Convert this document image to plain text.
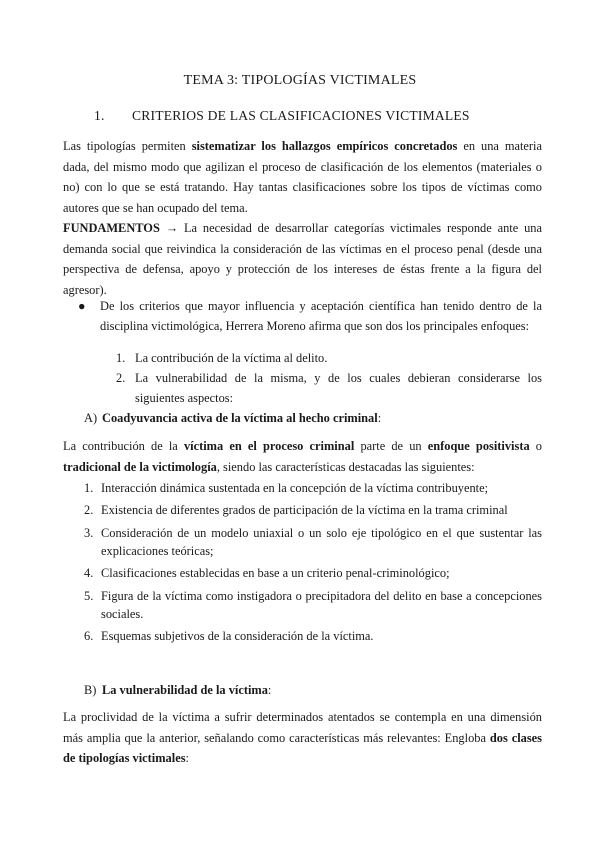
TEMA 3: TIPOLOGÍAS VICTIMALES
1. CRITERIOS DE LAS CLASIFICACIONES VICTIMALES

Las tipologías permiten sistematizar los hallazgos empíricos concretados en una materia dada, del mismo modo que agilizan el proceso de clasificación de los elementos (materiales o no) con lo que se está tratando. Hay tantas clasificaciones sobre los tipos de víctimas como autores que se han ocupado del tema.

FUNDAMENTOS → La necesidad de desarrollar categorías victimales responde ante una demanda social que reivindica la consideración de las víctimas en el proceso penal (desde una perspectiva de defensa, apoyo y protección de los intereses de éstas frente a la figura del agresor).

● De los criterios que mayor influencia y aceptación científica han tenido dentro de la disciplina victimológica, Herrera Moreno afirma que son dos los principales enfoques:
1. La contribución de la víctima al delito.
2. La vulnerabilidad de la misma, y de los cuales debieran considerarse los siguientes aspectos:
A) Coadyuvancia activa de la víctima al hecho criminal:

La contribución de la víctima en el proceso criminal parte de un enfoque positivista o tradicional de la victimología, siendo las características destacadas las siguientes:

1. Interacción dinámica sustentada en la concepción de la víctima contribuyente;
2. Existencia de diferentes grados de participación de la víctima en la trama criminal
3. Consideración de un modelo uniaxial o un solo eje tipológico en el que sustentar las explicaciones teóricas;
4. Clasificaciones establecidas en base a un criterio penal-criminológico;
5. Figura de la víctima como instigadora o precipitadora del delito en base a concepciones sociales.
6. Esquemas subjetivos de la consideración de la víctima.
B) La vulnerabilidad de la víctima:

La proclividad de la víctima a sufrir determinados atentados se contempla en una dimensión más amplia que la anterior, señalando como características más relevantes: Engloba dos clases de tipologías victimales:
